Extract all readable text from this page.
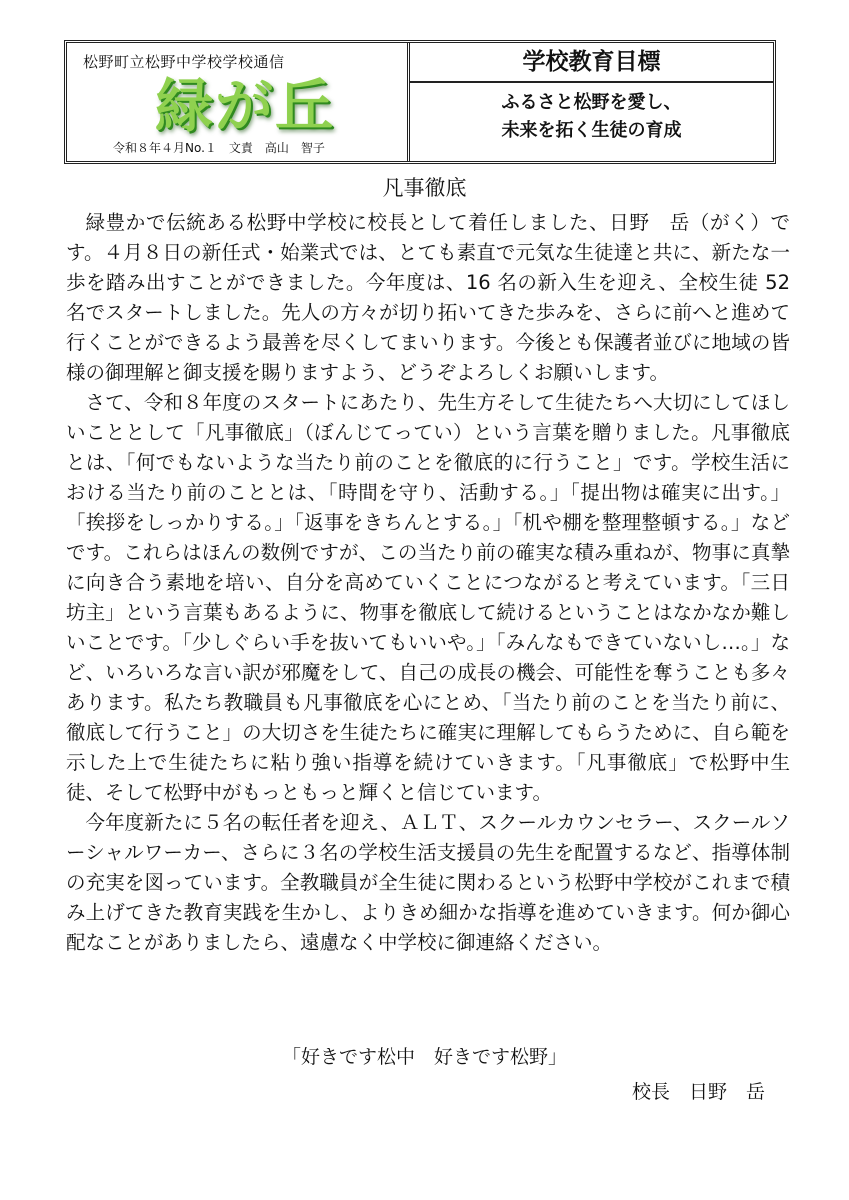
松野町立松野中学校学校通信
緑が丘
令和８年４月No.１　文責　高山　智子
学校教育目標
ふるさと松野を愛し、
未来を拓く生徒の育成
凡事徹底

緑豊かで伝統ある松野中学校に校長として着任しました、日野　岳（がく）です。４月８日の新任式・始業式では、とても素直で元気な生徒達と共に、新たな一歩を踏み出すことができました。今年度は、16 名の新入生を迎え、全校生徒 52 名でスタートしました。先人の方々が切り拓いてきた歩みを、さらに前へと進めて行くことができるよう最善を尽くしてまいります。今後とも保護者並びに地域の皆様の御理解と御支援を賜りますよう、どうぞよろしくお願いします。

さて、令和８年度のスタートにあたり、先生方そして生徒たちへ大切にしてほしいこととして「凡事徹底」（ぼんじてってい）という言葉を贈りました。凡事徹底とは、「何でもないような当たり前のことを徹底的に行うこと」です。学校生活における当たり前のこととは、「時間を守り、活動する。」「提出物は確実に出す。」「挨拶をしっかりする。」「返事をきちんとする。」「机や棚を整理整頓する。」などです。これらはほんの数例ですが、この当たり前の確実な積み重ねが、物事に真摯に向き合う素地を培い、自分を高めていくことにつながると考えています。「三日坊主」という言葉もあるように、物事を徹底して続けるということはなかなか難しいことです。「少しぐらい手を抜いてもいいや。」「みんなもできていないし…。」など、いろいろな言い訳が邪魔をして、自己の成長の機会、可能性を奪うことも多々あります。私たち教職員も凡事徹底を心にとめ、「当たり前のことを当たり前に、徹底して行うこと」の大切さを生徒たちに確実に理解してもらうために、自ら範を示した上で生徒たちに粘り強い指導を続けていきます。「凡事徹底」で松野中生徒、そして松野中がもっともっと輝くと信じています。

今年度新たに５名の転任者を迎え、ＡＬＴ、スクールカウンセラー、スクールソーシャルワーカー、さらに３名の学校生活支援員の先生を配置するなど、指導体制の充実を図っています。全教職員が全生徒に関わるという松野中学校がこれまで積み上げてきた教育実践を生かし、よりきめ細かな指導を進めていきます。何か御心配なことがありましたら、遠慮なく中学校に御連絡ください。

「好きです松中　好きです松野」
校長　日野　岳
